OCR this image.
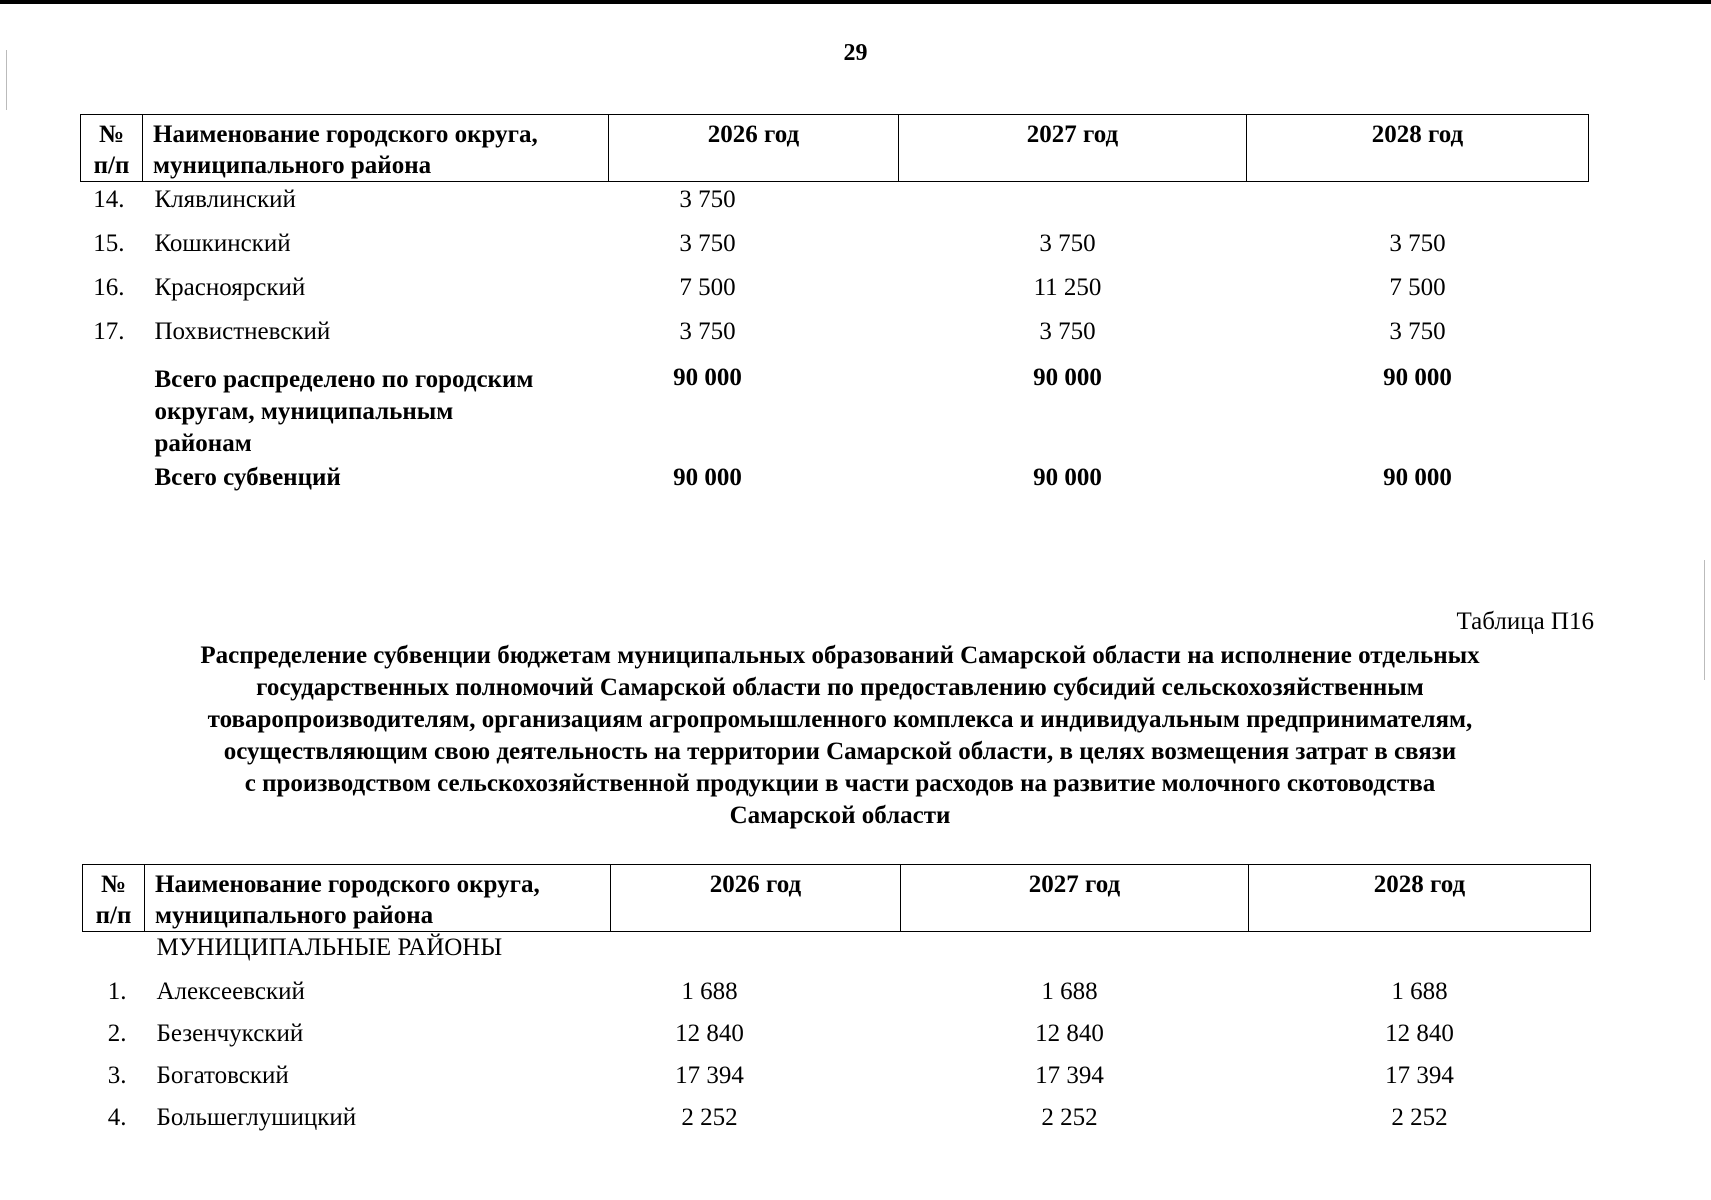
29
№
п/п	Наименование городского округа,
муниципального района	2026 год	2027 год	2028 год
14.	Клявлинский	3 750		
15.	Кошкинский	3 750	3 750	3 750
16.	Красноярский	7 500	11 250	7 500
17.	Похвистневский	3 750	3 750	3 750
	Всего распределено по городским
округам, муниципальным
районам	90 000	90 000	90 000
	Всего субвенций	90 000	90 000	90 000
Таблица П16
Распределение субвенции бюджетам муниципальных образований Самарской области на исполнение отдельных
государственных полномочий Самарской области по предоставлению субсидий сельскохозяйственным
товаропроизводителям, организациям агропромышленного комплекса и индивидуальным предпринимателям,
осуществляющим свою деятельность на территории Самарской области, в целях возмещения затрат в связи
с производством сельскохозяйственной продукции в части расходов на развитие молочного скотоводства
Самарской области
№
п/п	Наименование городского округа,
муниципального района	2026 год	2027 год	2028 год
	МУНИЦИПАЛЬНЫЕ РАЙОНЫ			
1.	Алексеевский	1 688	1 688	1 688
2.	Безенчукский	12 840	12 840	12 840
3.	Богатовский	17 394	17 394	17 394
4.	Большеглушицкий	2 252	2 252	2 252
